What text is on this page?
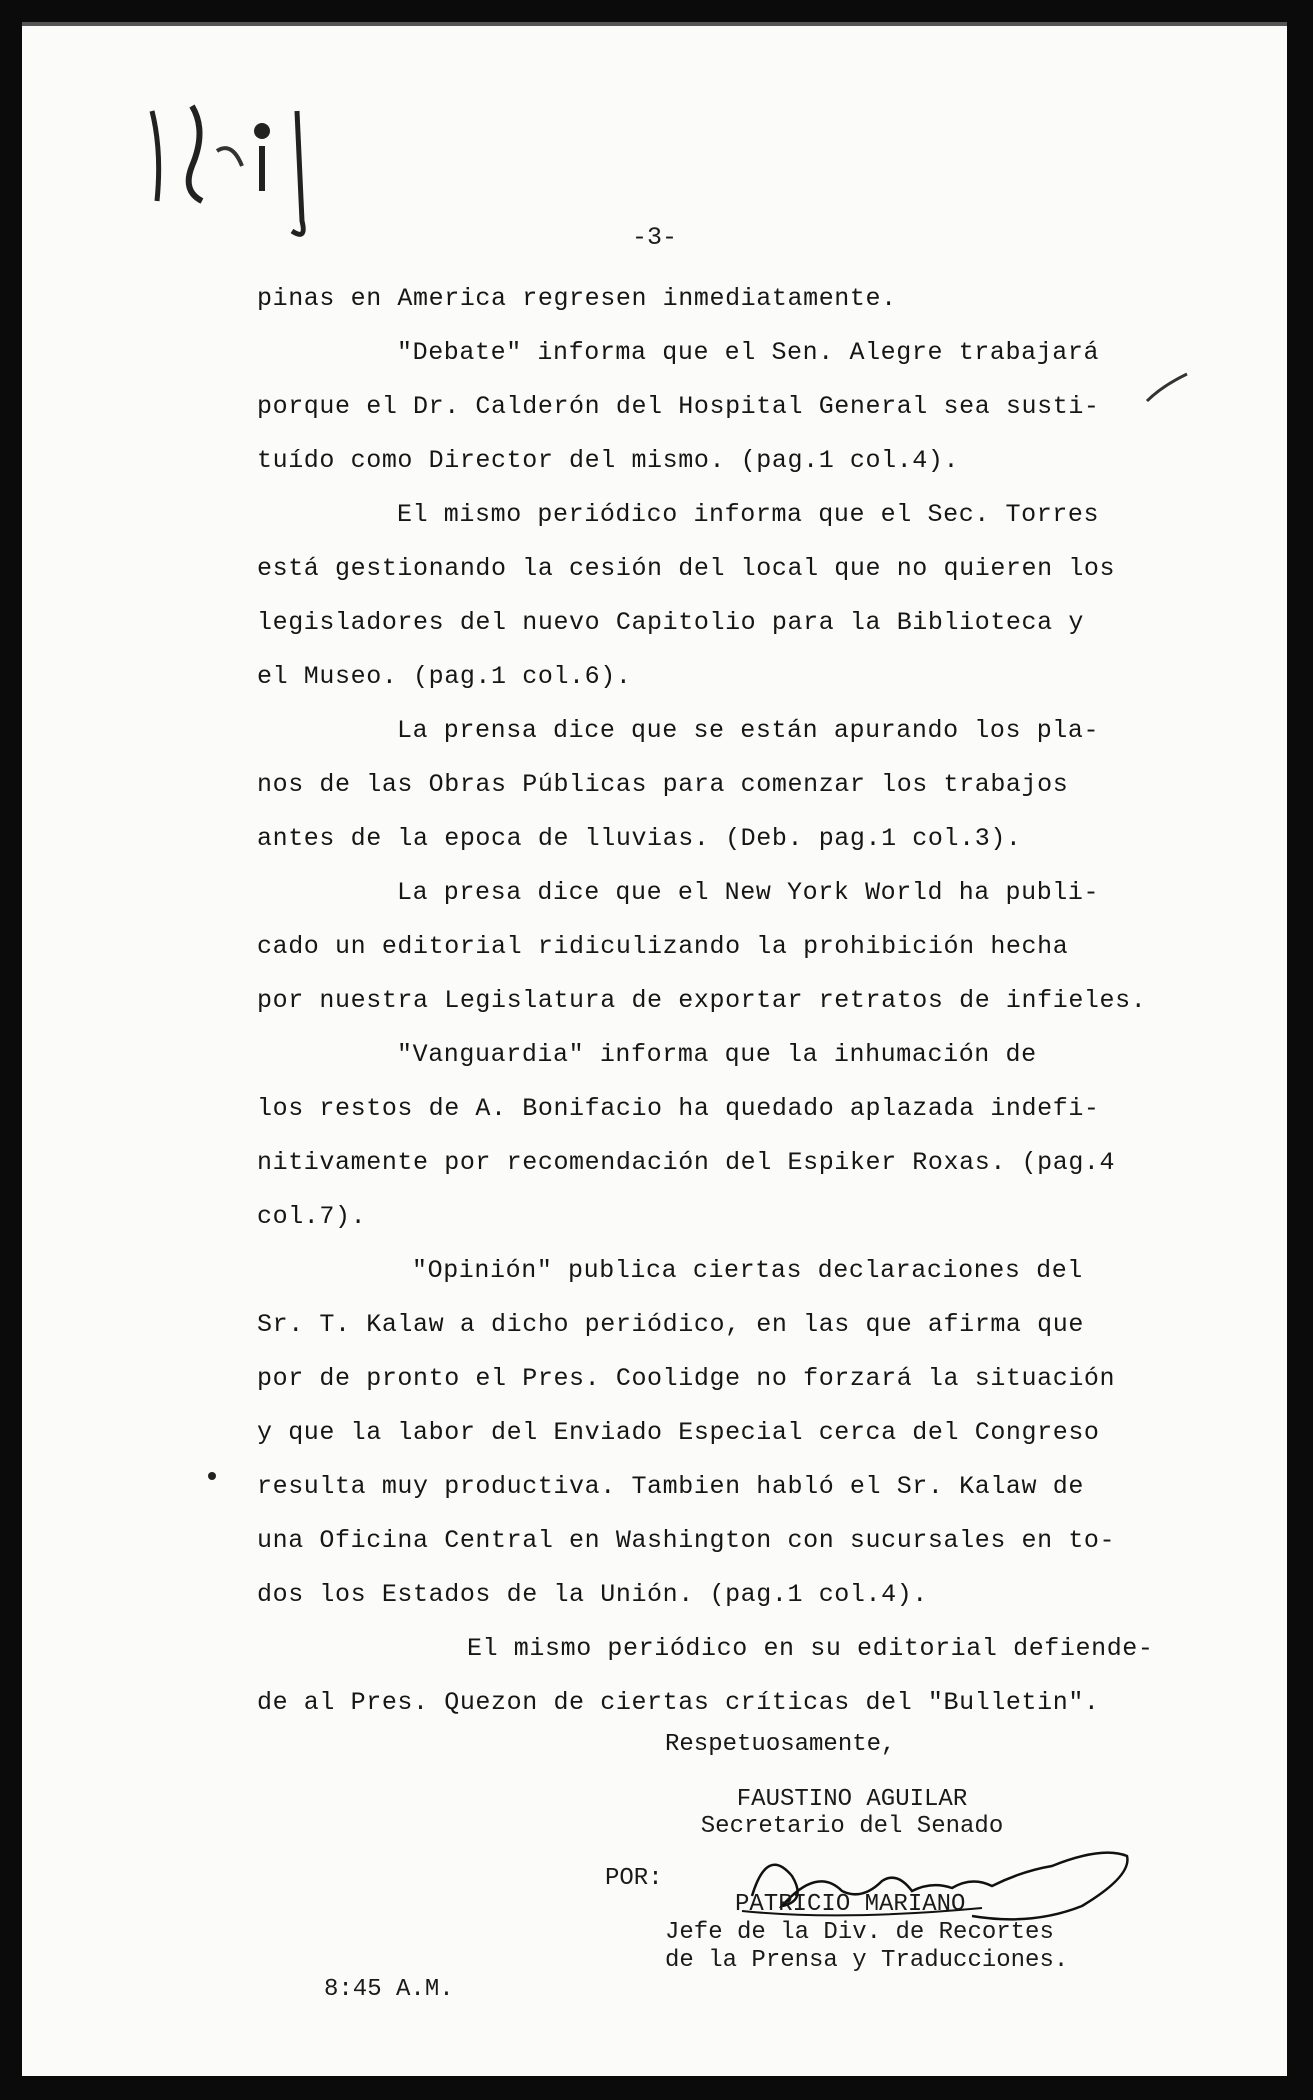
-3-
pinas en America regresen inmediatamente.
"Debate" informa que el Sen. Alegre trabajará
porque el Dr. Calderón del Hospital General sea susti-
tuído como Director del mismo. (pag.1 col.4).
El mismo periódico informa que el Sec. Torres
está gestionando la cesión del local que no quieren los
legisladores del nuevo Capitolio para la Biblioteca y
el Museo. (pag.1 col.6).
La prensa dice que se están apurando los pla-
nos de las Obras Públicas para comenzar los trabajos
antes de la epoca de lluvias. (Deb. pag.1 col.3).
La presa dice que el New York World ha publi-
cado un editorial ridiculizando la prohibición hecha
por nuestra Legislatura de exportar retratos de infieles.
"Vanguardia" informa que la inhumación de
los restos de A. Bonifacio ha quedado aplazada indefi-
nitivamente por recomendación del Espiker Roxas. (pag.4
col.7).
"Opinión" publica ciertas declaraciones del
Sr. T. Kalaw a dicho periódico, en las que afirma que
por de pronto el Pres. Coolidge no forzará la situación
y que la labor del Enviado Especial cerca del Congreso
resulta muy productiva. Tambien habló el Sr. Kalaw de
una Oficina Central en Washington con sucursales en to-
dos los Estados de la Unión. (pag.1 col.4).
El mismo periódico en su editorial defiende-
de al Pres. Quezon de ciertas críticas del "Bulletin".
Respetuosamente,
FAUSTINO AGUILAR
Secretario del Senado
POR:
PATRICIO MARIANO
Jefe de la Div. de Recortes
de la Prensa y Traducciones.
8:45 A.M.
